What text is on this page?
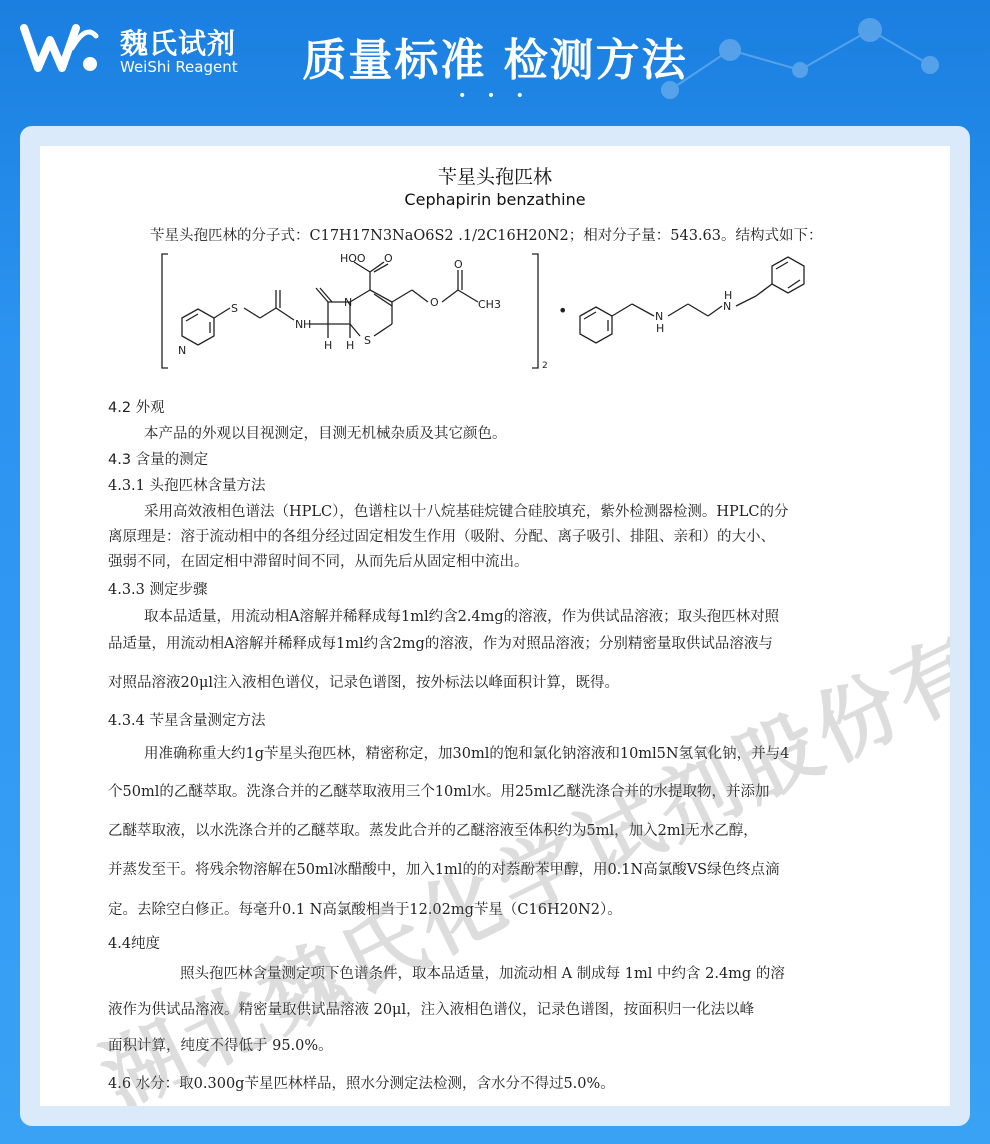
魏氏试剂
WeiShi Reagent	质量标准 检测方法
• • •
苄星头孢匹林
Cephapirin benzathine
苄星头孢匹林的分子式：C17H17N3NaO6S2 .1/2C16H20N2；相对分子量：543.63。结构式如下：
HOO O	O
CH3
S	O
N H
N
H H S
N
2
N
H
N
H
•
4.2 外观
本产品的外观以目视测定，目测无机械杂质及其它颜色。
4.3 含量的测定
4.3.1 头孢匹林含量方法
采用高效液相色谱法（HPLC），色谱柱以十八烷基硅烷键合硅胶填充，紫外检测器检测。HPLC的分
离原理是：溶于流动相中的各组分经过固定相发生作用（吸附、分配、离子吸引、排阻、亲和）的大小、
强弱不同，在固定相中滞留时间不同，从而先后从固定相中流出。
4.3.3 测定步骤
取本品适量，用流动相A溶解并稀释成每1ml约含2.4mg的溶液，作为供试品溶液；取头孢匹林对照
品适量，用流动相A溶解并稀释成每1ml约含2mg的溶液，作为对照品溶液；分别精密量取供试品溶液与
对照品溶液20μl注入液相色谱仪，记录色谱图，按外标法以峰面积计算，既得。
4.3.4 苄星含量测定方法
用准确称重大约1g苄星头孢匹林，精密称定，加30ml的饱和氯化钠溶液和10ml5N氢氧化钠，并与4
个50ml的乙醚萃取。洗涤合并的乙醚萃取液用三个10ml水。用25ml乙醚洗涤合并的水提取物，并添加
乙醚萃取液，以水洗涤合并的乙醚萃取。蒸发此合并的乙醚溶液至体积约为5ml，加入2ml无水乙醇，
并蒸发至干。将残余物溶解在50ml冰醋酸中，加入1ml的的对萘酚苯甲醇，用0.1N高氯酸VS绿色终点滴
定。去除空白修正。每毫升0.1 N高氯酸相当于12.02mg苄星（C16H20N2）。
4.4纯度
照头孢匹林含量测定项下色谱条件，取本品适量，加流动相 A 制成每 1ml 中约含 2.4mg 的溶
液作为供试品溶液。精密量取供试品溶液 20μl，注入液相色谱仪，记录色谱图，按面积归一化法以峰
面积计算，纯度不得低于 95.0%。
4.6 水分：取0.300g苄星匹林样品，照水分测定法检测，含水分不得过5.0%。
